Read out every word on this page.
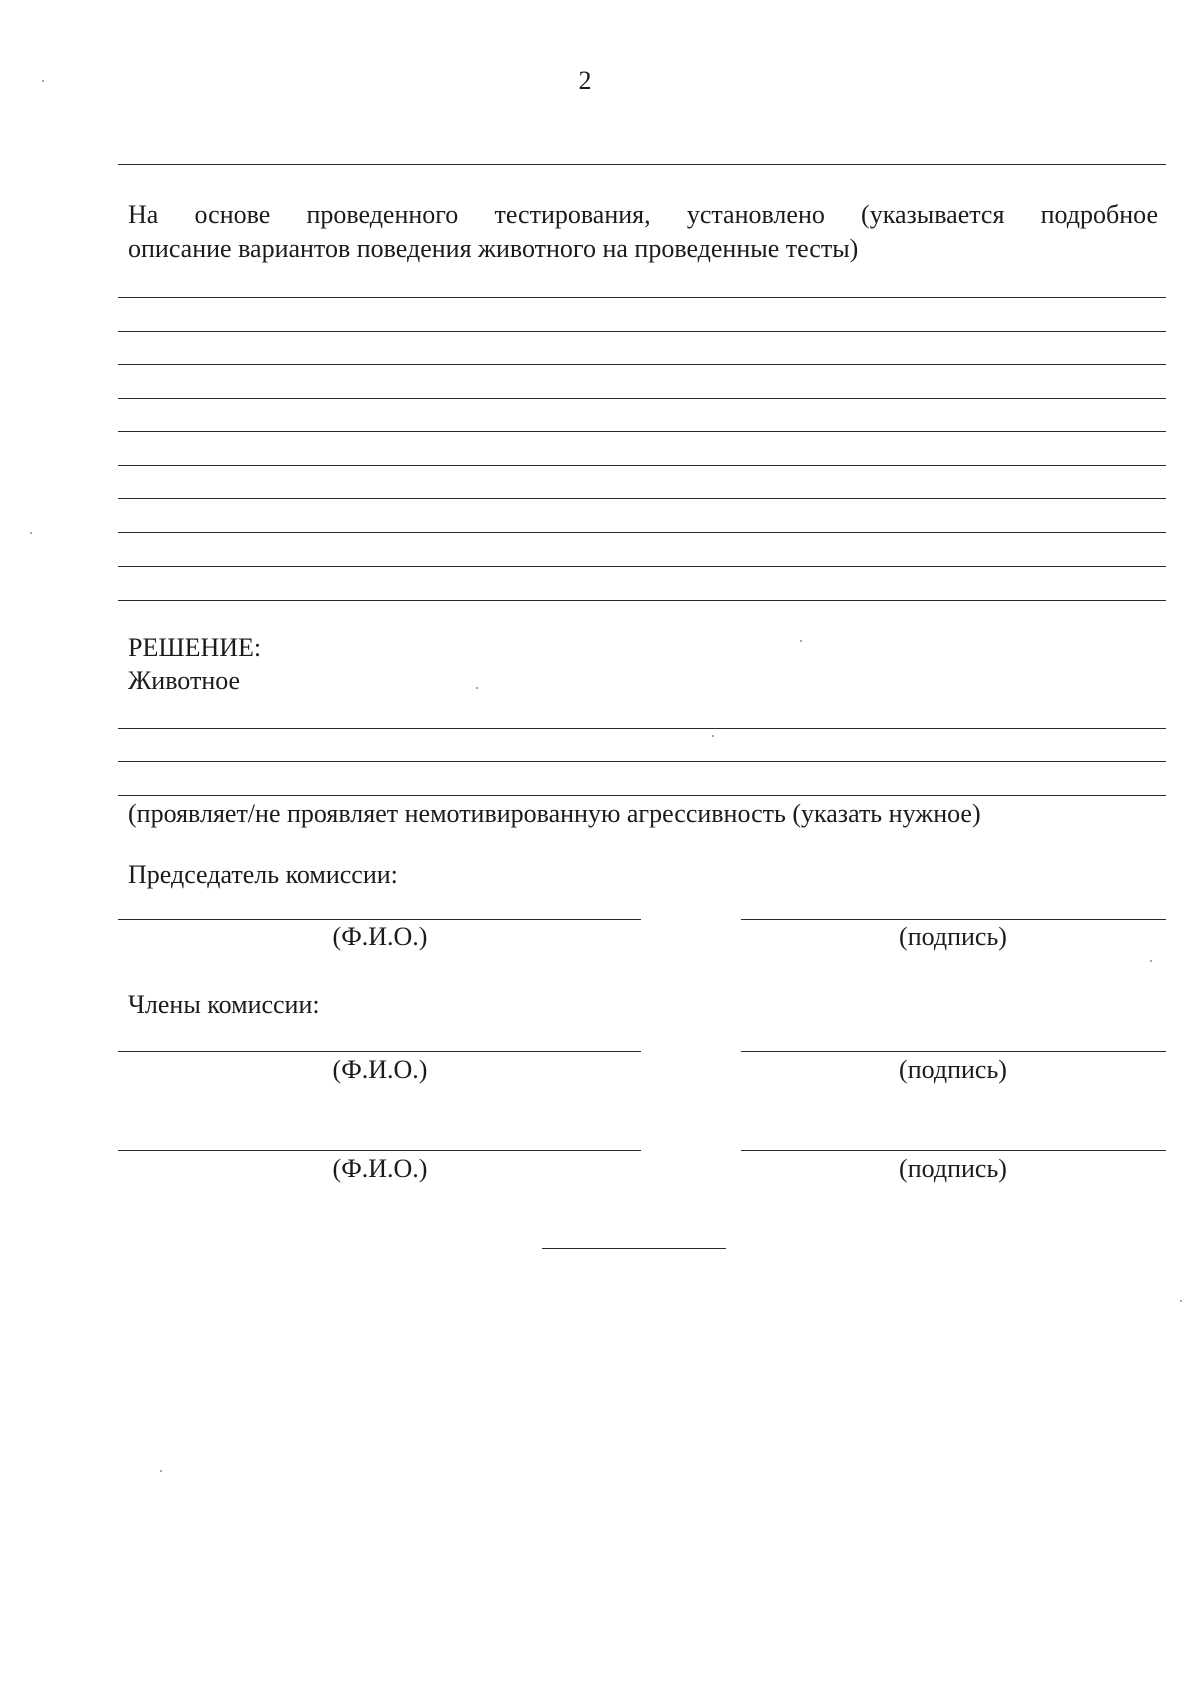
2
На основе проведенного тестирования, установлено (указывается подробное
описание вариантов поведения животного на проведенные тесты)
РЕШЕНИЕ:
Животное
(проявляет/не проявляет немотивированную агрессивность (указать нужное)
Председатель комиссии:
(Ф.И.О.)	(подпись)
Члены комиссии:
(Ф.И.О.)	(подпись)
(Ф.И.О.)	(подпись)
